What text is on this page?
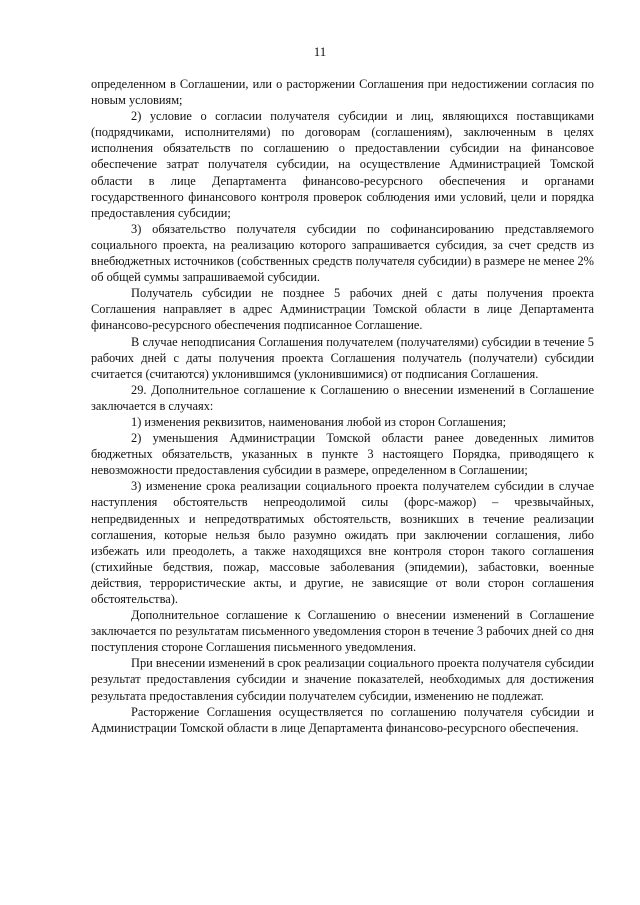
11

определенном в Соглашении, или о расторжении Соглашения при недостижении согласия по новым условиям;

2) условие о согласии получателя субсидии и лиц, являющихся поставщиками (подрядчиками, исполнителями) по договорам (соглашениям), заключенным в целях исполнения обязательств по соглашению о предоставлении субсидии на финансовое обеспечение затрат получателя субсидии, на осуществление Администрацией Томской области в лице Департамента финансово-ресурсного обеспечения и органами государственного финансового контроля проверок соблюдения ими условий, цели и порядка предоставления субсидии;

3) обязательство получателя субсидии по софинансированию представляемого социального проекта, на реализацию которого запрашивается субсидия, за счет средств из внебюджетных источников (собственных средств получателя субсидии) в размере не менее 2% об общей суммы запрашиваемой субсидии.

Получатель субсидии не позднее 5 рабочих дней с даты получения проекта Соглашения направляет в адрес Администрации Томской области в лице Департамента финансово-ресурсного обеспечения подписанное Соглашение.

В случае неподписания Соглашения получателем (получателями) субсидии в течение 5 рабочих дней с даты получения проекта Соглашения получатель (получатели) субсидии считается (считаются) уклонившимся (уклонившимися) от подписания Соглашения.

29. Дополнительное соглашение к Соглашению о внесении изменений в Соглашение заключается в случаях:

1) изменения реквизитов, наименования любой из сторон Соглашения;

2) уменьшения Администрации Томской области ранее доведенных лимитов бюджетных обязательств, указанных в пункте 3 настоящего Порядка, приводящего к невозможности предоставления субсидии в размере, определенном в Соглашении;

3) изменение срока реализации социального проекта получателем субсидии в случае наступления обстоятельств непреодолимой силы (форс-мажор) – чрезвычайных, непредвиденных и непредотвратимых обстоятельств, возникших в течение реализации соглашения, которые нельзя было разумно ожидать при заключении соглашения, либо избежать или преодолеть, а также находящихся вне контроля сторон такого соглашения (стихийные бедствия, пожар, массовые заболевания (эпидемии), забастовки, военные действия, террористические акты, и другие, не зависящие от воли сторон соглашения обстоятельства).

Дополнительное соглашение к Соглашению о внесении изменений в Соглашение заключается по результатам письменного уведомления сторон в течение 3 рабочих дней со дня поступления стороне Соглашения письменного уведомления.

При внесении изменений в срок реализации социального проекта получателя субсидии результат предоставления субсидии и значение показателей, необходимых для достижения результата предоставления субсидии получателем субсидии, изменению не подлежат.

Расторжение Соглашения осуществляется по соглашению получателя субсидии и Администрации Томской области в лице Департамента финансово-ресурсного обеспечения.
